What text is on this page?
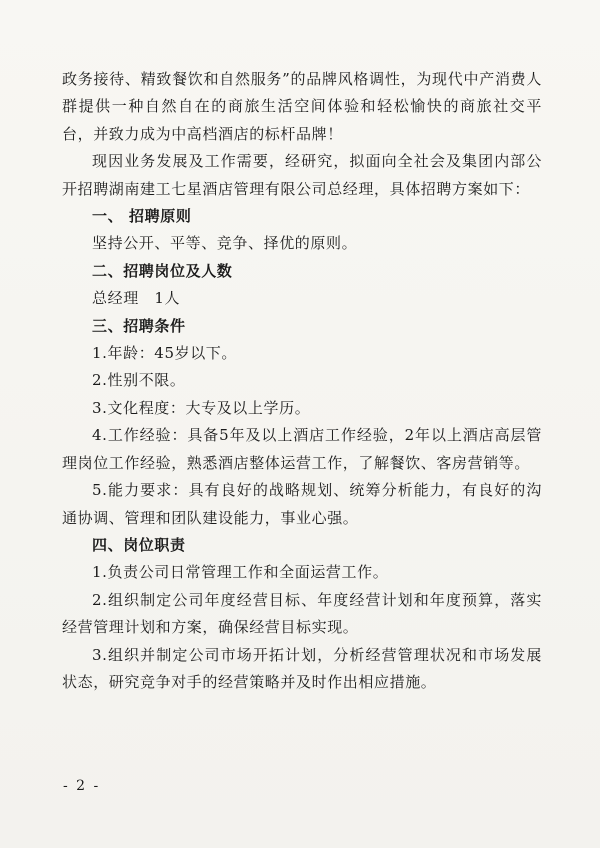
政务接待、精致餐饮和自然服务”的品牌风格调性，为现代中产消费人群提供一种自然自在的商旅生活空间体验和轻松愉快的商旅社交平台，并致力成为中高档酒店的标杆品牌！

现因业务发展及工作需要，经研究，拟面向全社会及集团内部公开招聘湖南建工七星酒店管理有限公司总经理，具体招聘方案如下：

一、 招聘原则

坚持公开、平等、竞争、择优的原则。

二、招聘岗位及人数

总经理　1人

三、招聘条件

1.年龄：45岁以下。

2.性别不限。

3.文化程度：大专及以上学历。

4.工作经验：具备5年及以上酒店工作经验，2年以上酒店高层管理岗位工作经验，熟悉酒店整体运营工作，了解餐饮、客房营销等。

5.能力要求：具有良好的战略规划、统筹分析能力，有良好的沟通协调、管理和团队建设能力，事业心强。

四、岗位职责

1.负责公司日常管理工作和全面运营工作。

2.组织制定公司年度经营目标、年度经营计划和年度预算，落实经营管理计划和方案，确保经营目标实现。

3.组织并制定公司市场开拓计划，分析经营管理状况和市场发展状态，研究竞争对手的经营策略并及时作出相应措施。

- 2 -
